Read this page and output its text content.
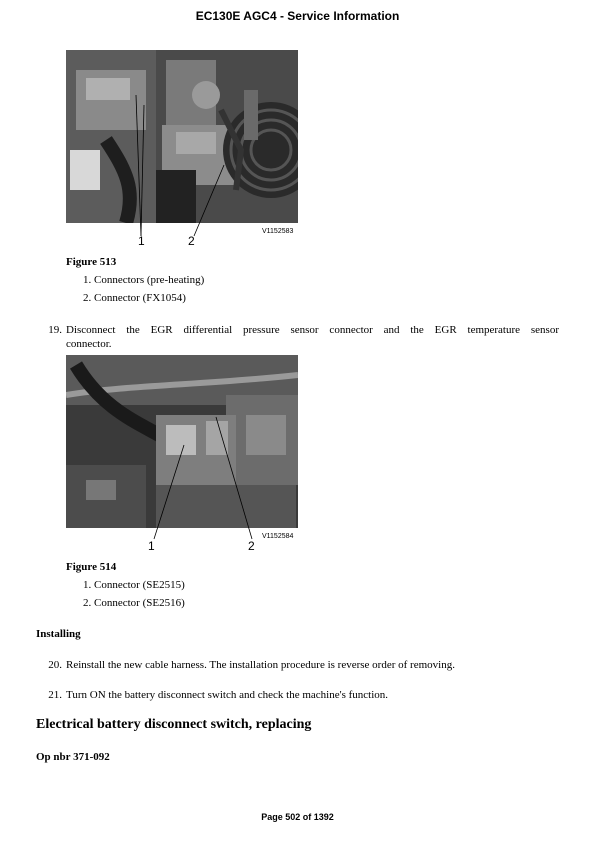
EC130E AGC4 - Service Information
1	2
V1152583
Figure 513
1. Connectors (pre-heating)
2. Connector (FX1054)
19. Disconnect the EGR differential pressure sensor connector and the EGR temperature sensor
connector.
1	2
V1152584
Figure 514
1. Connector (SE2515)
2. Connector (SE2516)
Installing
20. Reinstall the new cable harness. The installation procedure is reverse order of removing.
21. Turn ON the battery disconnect switch and check the machine's function.
Electrical battery disconnect switch, replacing
Op nbr 371-092
Page 502 of 1392
